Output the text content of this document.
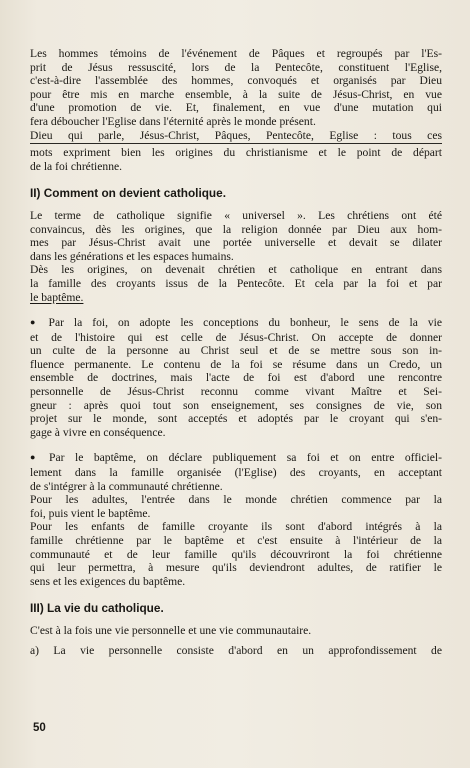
Les hommes témoins de l'événement de Pâques et regroupés par l'Es-
prit de Jésus ressuscité, lors de la Pentecôte, constituent l'Eglise,
c'est-à-dire l'assemblée des hommes, convoqués et organisés par Dieu
pour être mis en marche ensemble, à la suite de Jésus-Christ, en vue
d'une promotion de vie. Et, finalement, en vue d'une mutation qui
fera déboucher l'Eglise dans l'éternité après le monde présent.
Dieu qui parle, Jésus-Christ, Pâques, Pentecôte, Eglise : tous ces
mots expriment bien les origines du christianisme et le point de départ
de la foi chrétienne.
II) Comment on devient catholique.
Le terme de catholique signifie « universel ». Les chrétiens ont été
convaincus, dès les origines, que la religion donnée par Dieu aux hom-
mes par Jésus-Christ avait une portée universelle et devait se dilater
dans les générations et les espaces humains.
Dès les origines, on devenait chrétien et catholique en entrant dans
la famille des croyants issus de la Pentecôte. Et cela par la foi et par
le baptême.
● Par la foi, on adopte les conceptions du bonheur, le sens de la vie
et de l'histoire qui est celle de Jésus-Christ. On accepte de donner
un culte de la personne au Christ seul et de se mettre sous son in-
fluence permanente. Le contenu de la foi se résume dans un Credo, un
ensemble de doctrines, mais l'acte de foi est d'abord une rencontre
personnelle de Jésus-Christ reconnu comme vivant Maître et Sei-
gneur : après quoi tout son enseignement, ses consignes de vie, son
projet sur le monde, sont acceptés et adoptés par le croyant qui s'en-
gage à vivre en conséquence.
● Par le baptême, on déclare publiquement sa foi et on entre officiel-
lement dans la famille organisée (l'Eglise) des croyants, en acceptant
de s'intégrer à la communauté chrétienne.
Pour les adultes, l'entrée dans le monde chrétien commence par la
foi, puis vient le baptême.
Pour les enfants de famille croyante ils sont d'abord intégrés à la
famille chrétienne par le baptême et c'est ensuite à l'intérieur de la
communauté et de leur famille qu'ils découvriront la foi chrétienne
qui leur permettra, à mesure qu'ils deviendront adultes, de ratifier le
sens et les exigences du baptême.
III) La vie du catholique.
C'est à la fois une vie personnelle et une vie communautaire.
a) La vie personnelle consiste d'abord en un approfondissement de
50
